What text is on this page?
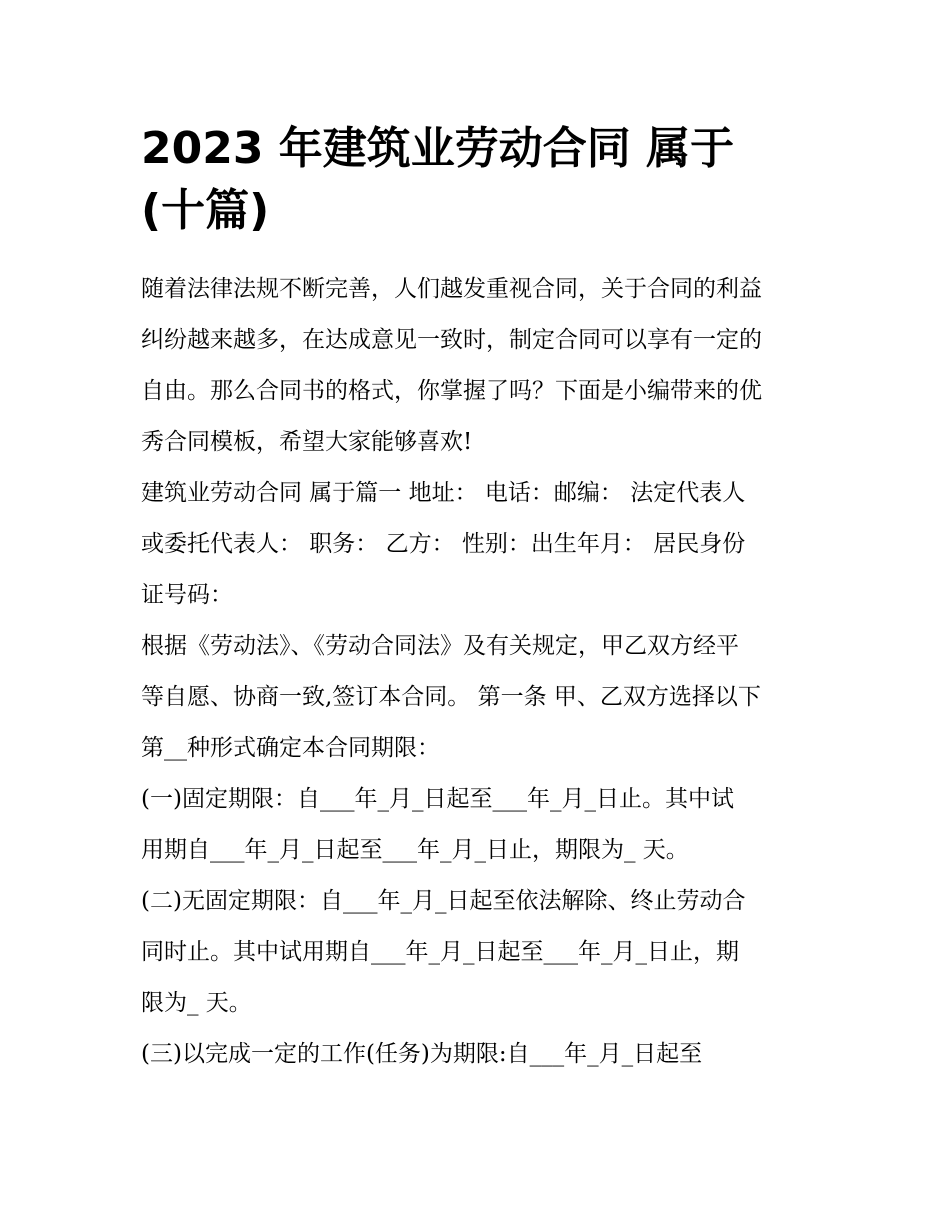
2023 年建筑业劳动合同 属于
(十篇)
随着法律法规不断完善，人们越发重视合同，关于合同的利益
纠纷越来越多，在达成意见一致时，制定合同可以享有一定的
自由。那么合同书的格式，你掌握了吗？下面是小编带来的优
秀合同模板，希望大家能够喜欢!
建筑业劳动合同 属于篇一 地址： 电话：邮编： 法定代表人
或委托代表人： 职务： 乙方： 性别：出生年月： 居民身份
证号码：
根据《劳动法》、《劳动合同法》及有关规定，甲乙双方经平
等自愿、协商一致,签订本合同。 第一条 甲、乙双方选择以下
第__种形式确定本合同期限：
(一)固定期限：自___年_月_日起至___年_月_日止。其中试
用期自___年_月_日起至___年_月_日止，期限为_ 天。
(二)无固定期限：自___年_月_日起至依法解除、终止劳动合
同时止。其中试用期自___年_月_日起至___年_月_日止，期
限为_ 天。
(三)以完成一定的工作(任务)为期限:自___年_月_日起至
